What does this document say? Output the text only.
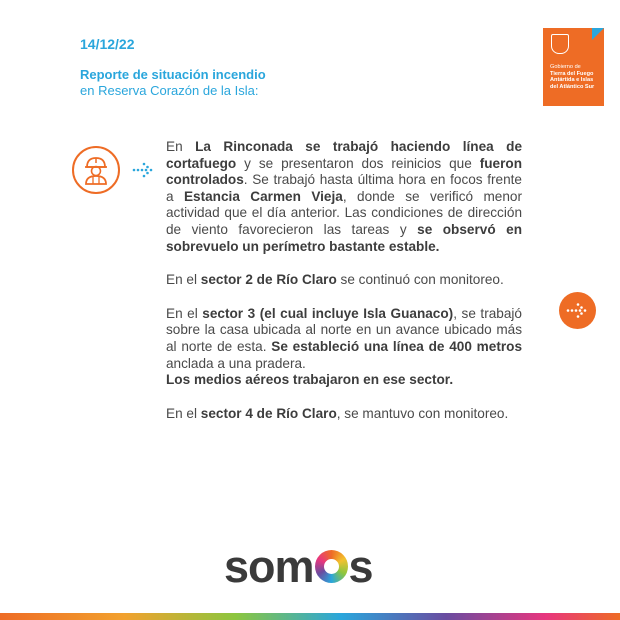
14/12/22
Reporte de situación incendio
en Reserva Corazón de la Isla:
Gobierno de
Tierra del Fuego
Antártida e Islas
del Atlántico Sur

En La Rinconada se trabajó haciendo línea de cortafuego y se presentaron dos reinicios que fueron controlados. Se trabajó hasta última hora en focos frente a Estancia Carmen Vieja, donde se verificó menor actividad que el día anterior. Las condiciones de dirección de viento favorecieron las tareas y se observó en sobrevuelo un perímetro bastante estable.

En el sector 2 de Río Claro se continuó con monitoreo.

En el sector 3 (el cual incluye Isla Guanaco), se trabajó sobre la casa ubicada al norte en un avance ubicado más al norte de esta. Se estableció una línea de 400 metros anclada a una pradera.
Los medios aéreos trabajaron en ese sector.

En el sector 4 de Río Claro, se mantuvo con monitoreo.

som s
